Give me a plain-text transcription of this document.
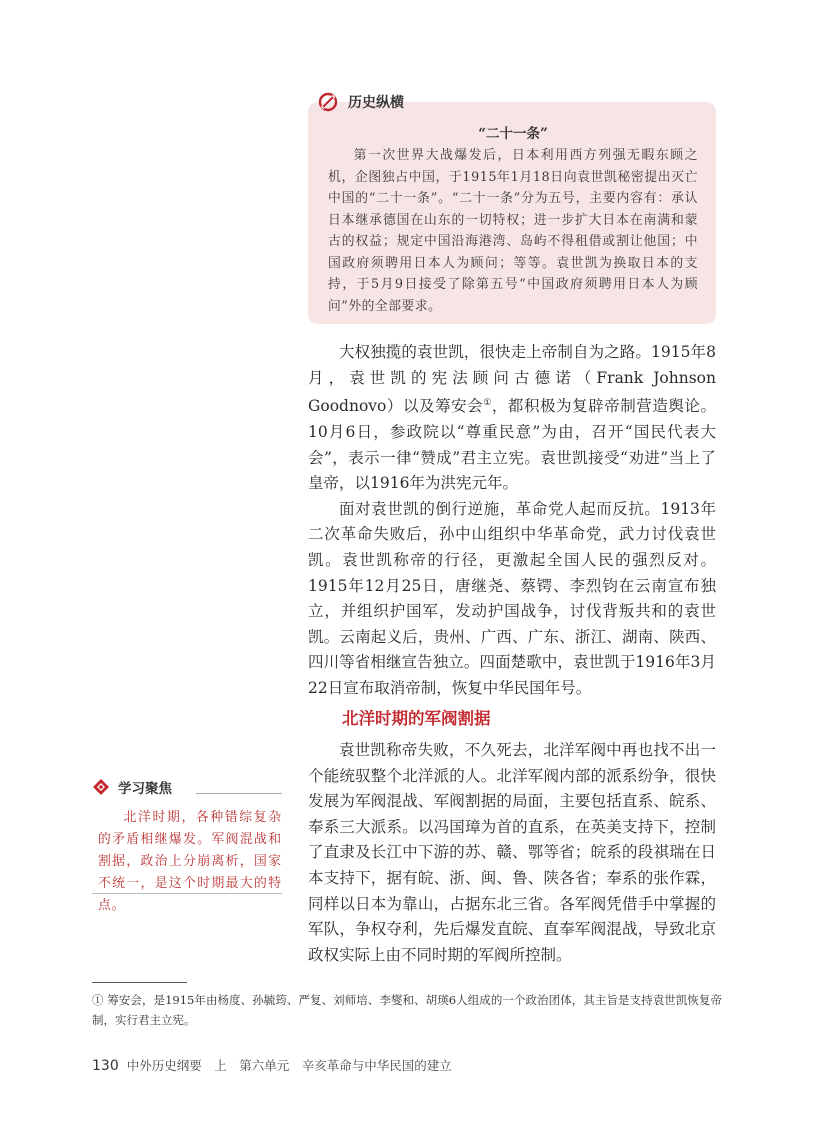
“二十一条”

第一次世界大战爆发后，日本利用西方列强无暇东顾之机，企图独占中国，于1915年1月18日向袁世凯秘密提出灭亡中国的“二十一条”。“二十一条”分为五号，主要内容有：承认日本继承德国在山东的一切特权；进一步扩大日本在南满和蒙古的权益；规定中国沿海港湾、岛屿不得租借或割让他国；中国政府须聘用日本人为顾问；等等。袁世凯为换取日本的支持，于5月9日接受了除第五号“中国政府须聘用日本人为顾问”外的全部要求。

历史纵横

大权独揽的袁世凯，很快走上帝制自为之路。1915年8月，袁世凯的宪法顾问古德诺（Frank Johnson Goodnovo）以及筹安会①，都积极为复辟帝制营造舆论。10月6日，参政院以“尊重民意”为由，召开“国民代表大会”，表示一律“赞成”君主立宪。袁世凯接受“劝进”当上了皇帝，以1916年为洪宪元年。

面对袁世凯的倒行逆施，革命党人起而反抗。1913年二次革命失败后，孙中山组织中华革命党，武力讨伐袁世凯。袁世凯称帝的行径，更激起全国人民的强烈反对。1915年12月25日，唐继尧、蔡锷、李烈钧在云南宣布独立，并组织护国军，发动护国战争，讨伐背叛共和的袁世凯。云南起义后，贵州、广西、广东、浙江、湖南、陕西、四川等省相继宣告独立。四面楚歌中，袁世凯于1916年3月22日宣布取消帝制，恢复中华民国年号。

北洋时期的军阀割据

袁世凯称帝失败，不久死去，北洋军阀中再也找不出一个能统驭整个北洋派的人。北洋军阀内部的派系纷争，很快发展为军阀混战、军阀割据的局面，主要包括直系、皖系、奉系三大派系。以冯国璋为首的直系，在英美支持下，控制了直隶及长江中下游的苏、赣、鄂等省；皖系的段祺瑞在日本支持下，据有皖、浙、闽、鲁、陕各省；奉系的张作霖，同样以日本为靠山，占据东北三省。各军阀凭借手中掌握的军队，争权夺利，先后爆发直皖、直奉军阀混战，导致北京政权实际上由不同时期的军阀所控制。

学习聚焦

北洋时期，各种错综复杂的矛盾相继爆发。军阀混战和割据，政治上分崩离析，国家不统一，是这个时期最大的特点。

① 筹安会，是1915年由杨度、孙毓筠、严复、刘师培、李燮和、胡瑛6人组成的一个政治团体，其主旨是支持袁世凯恢复帝制，实行君主立宪。

130 中外历史纲要　上　第六单元　辛亥革命与中华民国的建立
